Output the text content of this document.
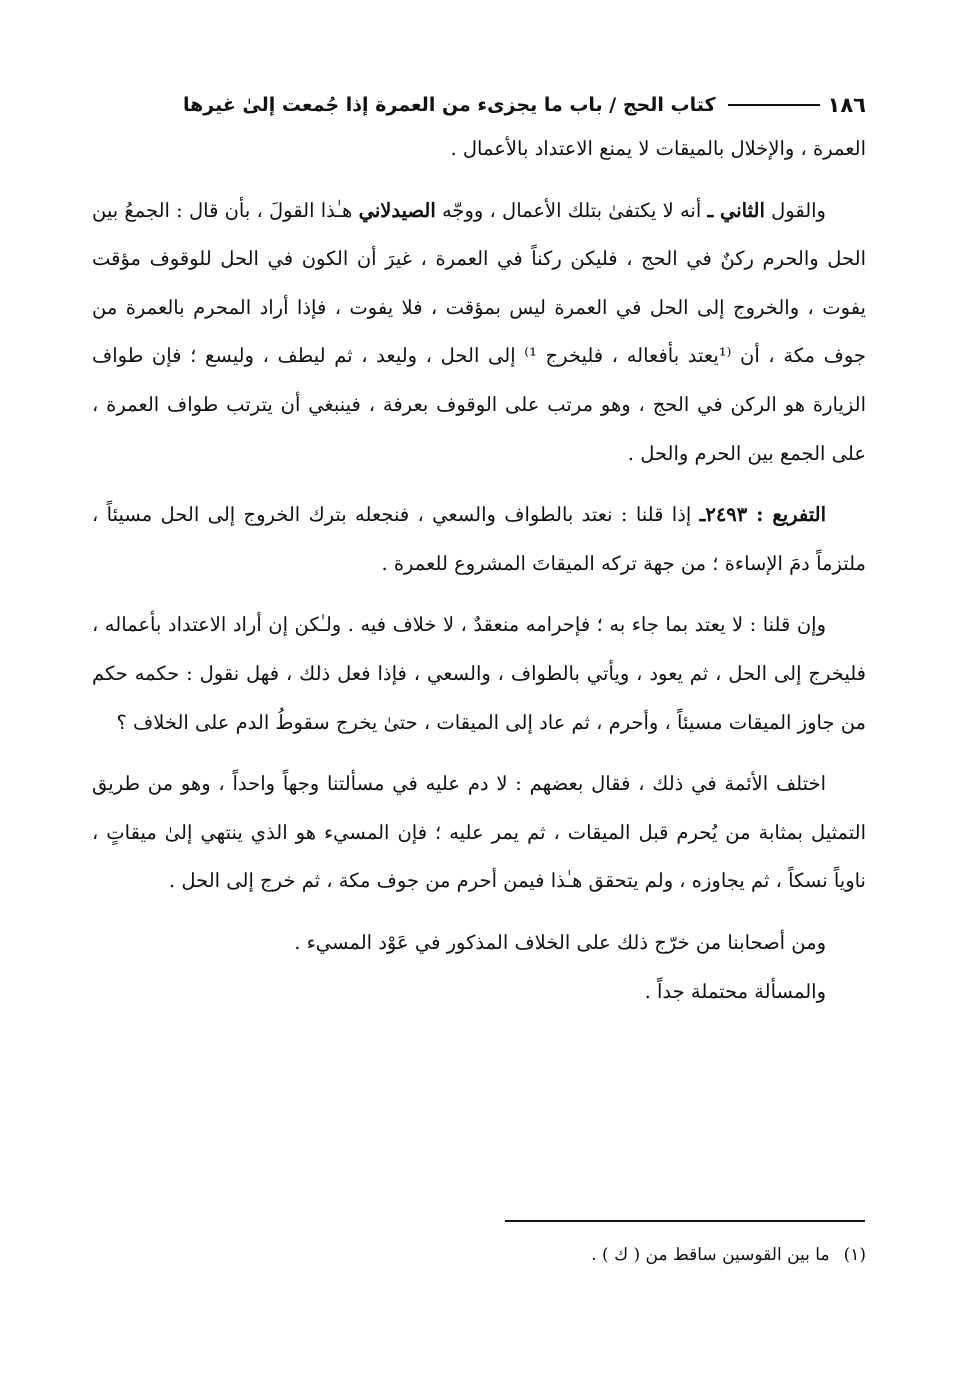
١٨٦
كتاب الحج / باب ما يجزىء من العمرة إذا جُمعت إلىٰ غيرها

العمرة ، والإخلال بالميقات لا يمنع الاعتداد بالأعمال .

والقول الثاني ـ أنه لا يكتفىٰ بتلك الأعمال ، ووجّه الصيدلاني هـٰذا القولَ ، بأن قال : الجمعُ بين الحل والحرم ركنٌ في الحج ، فليكن ركناً في العمرة ، غيرَ أن الكون في الحل للوقوف مؤقت يفوت ، والخروج إلى الحل في العمرة ليس بمؤقت ، فلا يفوت ، فإذا أراد المحرم بالعمرة من جوف مكة ، أن ⁽¹يعتد بأفعاله ، فليخرج ¹⁾ إلى الحل ، وليعد ، ثم ليطف ، وليسع ؛ فإن طواف الزيارة هو الركن في الحج ، وهو مرتب على الوقوف بعرفة ، فينبغي أن يترتب طواف العمرة ، على الجمع بين الحرم والحل .

التفريع : ٢٤٩٣ـ إذا قلنا : نعتد بالطواف والسعي ، فنجعله بترك الخروج إلى الحل مسيئاً ، ملتزماً دمَ الإساءة ؛ من جهة تركه الميقاتَ المشروع للعمرة .

وإن قلنا : لا يعتد بما جاء به ؛ فإحرامه منعقدٌ ، لا خلاف فيه . ولـٰكن إن أراد الاعتداد بأعماله ، فليخرج إلى الحل ، ثم يعود ، ويأتي بالطواف ، والسعي ، فإذا فعل ذلك ، فهل نقول : حكمه حكم من جاوز الميقات مسيئاً ، وأحرم ، ثم عاد إلى الميقات ، حتىٰ يخرج سقوطُ الدم على الخلاف ؟

اختلف الأئمة في ذلك ، فقال بعضهم : لا دم عليه في مسألتنا وجهاً واحداً ، وهو من طريق التمثيل بمثابة من يُحرم قبل الميقات ، ثم يمر عليه ؛ فإن المسيء هو الذي ينتهي إلىٰ ميقاتٍ ، ناوياً نسكاً ، ثم يجاوزه ، ولم يتحقق هـٰذا فيمن أحرم من جوف مكة ، ثم خرج إلى الحل .

ومن أصحابنا من خرّج ذلك على الخلاف المذكور في عَوْد المسيء .

والمسألة محتملة جداً .

(١)ما بين القوسين ساقط من ( ك ) .
